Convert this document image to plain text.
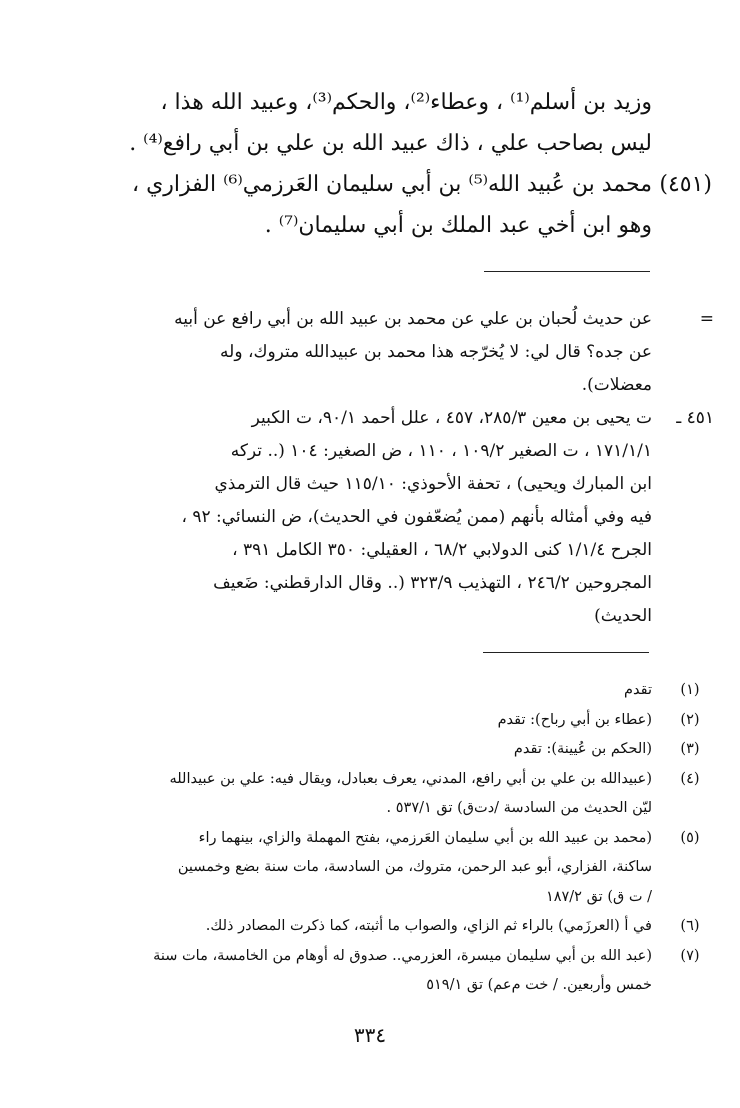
وزيد بن أسلم⁽¹⁾ ، وعطاء⁽²⁾، والحكم⁽³⁾، وعبيد الله هذا ،
ليس بصاحب علي ، ذاك عبيد الله بن علي بن أبي رافع⁽⁴⁾ .
(٤٥١)محمد بن عُبيد الله⁽⁵⁾ بن أبي سليمان العَرزمي⁽⁶⁾ الفزاري ،
وهو ابن أخي عبد الملك بن أبي سليمان⁽⁷⁾ .
=
عن حديث لُحبان بن علي عن محمد بن عبيد الله بن أبي رافع عن أبيه
عن جده؟ قال لي: لا يُخرّجه هذا محمد بن عبيدالله متروك، وله
معضلات).
٤٥١ ـ
ت يحيى بن معين ٢٨٥/٣، ٤٥٧ ، علل أحمد ٩٠/١، ت الكبير
١٧١/١/١ ، ت الصغير ١٠٩/٢ ، ١١٠ ، ض الصغير: ١٠٤ (.. تركه
ابن المبارك ويحيى) ، تحفة الأحوذي: ١١٥/١٠ حيث قال الترمذي
فيه وفي أمثاله بأنهم (ممن يُضعّفون في الحديث)، ض النسائي: ٩٢ ،
الجرح ١/١/٤ كنى الدولابي ٦٨/٢ ، العقيلي: ٣٥٠ الكامل ٣٩١ ،
المجروحين ٢٤٦/٢ ، التهذيب ٣٢٣/٩ (.. وقال الدارقطني: ضَعيف
الحديث)
(١)
تقدم
(٢)
(عطاء بن أبي رباح): تقدم
(٣)
(الحكم بن عُيينة): تقدم
(٤)
(عبيدالله بن علي بن أبي رافع، المدني، يعرف بعبادل، ويقال فيه: علي بن عبيدالله
ليّن الحديث من السادسة /دت‌ق) تق ٥٣٧/١ .
(٥)
(محمد بن عبيد الله بن أبي سليمان العَرزمي، بفتح المهملة والزاي، بينهما راء
ساكنة، الفزاري، أبو عبد الرحمن، متروك، من السادسة، مات سنة بضع وخمسين
/ ت ق) تق ١٨٧/٢
(٦)
في أ (العرزَمي) بالراء ثم الزاي، والصواب ما أثبته، كما ذكرت المصادر ذلك.
(٧)
(عبد الله بن أبي سليمان ميسرة، العزرمي.. صدوق له أوهام من الخامسة، مات سنة
خمس وأربعين. / خت م‌عم) تق ٥١٩/١
٣٣٤
